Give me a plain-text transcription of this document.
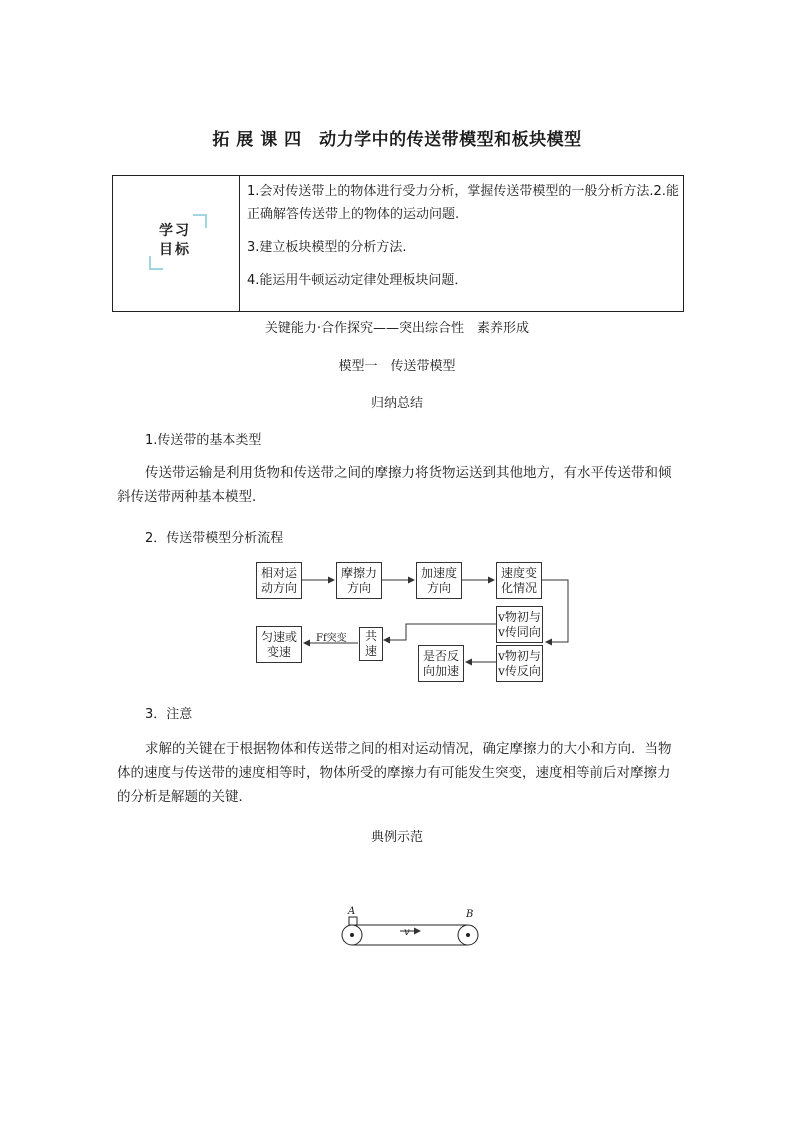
拓 展 课 四　动力学中的传送带模型和板块模型
学习
目标

1.会对传送带上的物体进行受力分析，掌握传送带模型的一般分析方法.2.能正确解答传送带上的物体的运动问题.

3.建立板块模型的分析方法.

4.能运用牛顿运动定律处理板块问题．

关键能力·合作探究——突出综合性　素养形成
模型一　传送带模型
归纳总结
1.传送带的基本类型
传送带运输是利用货物和传送带之间的摩擦力将货物运送到其他地方，有水平传送带和倾斜传送带两种基本模型．
2．传送带模型分析流程
相对运
动方向
摩擦力
方向
加速度
方向
速度变
化情况
v物初与
v传同向
v物初与
v传反向
是否反
向加速
共
速
匀速或
变速
Ff突变
3．注意
求解的关键在于根据物体和传送带之间的相对运动情况，确定摩擦力的大小和方向．当物体的速度与传送带的速度相等时，物体所受的摩擦力有可能发生突变，速度相等前后对摩擦力的分析是解题的关键．
典例示范
A	B
v
